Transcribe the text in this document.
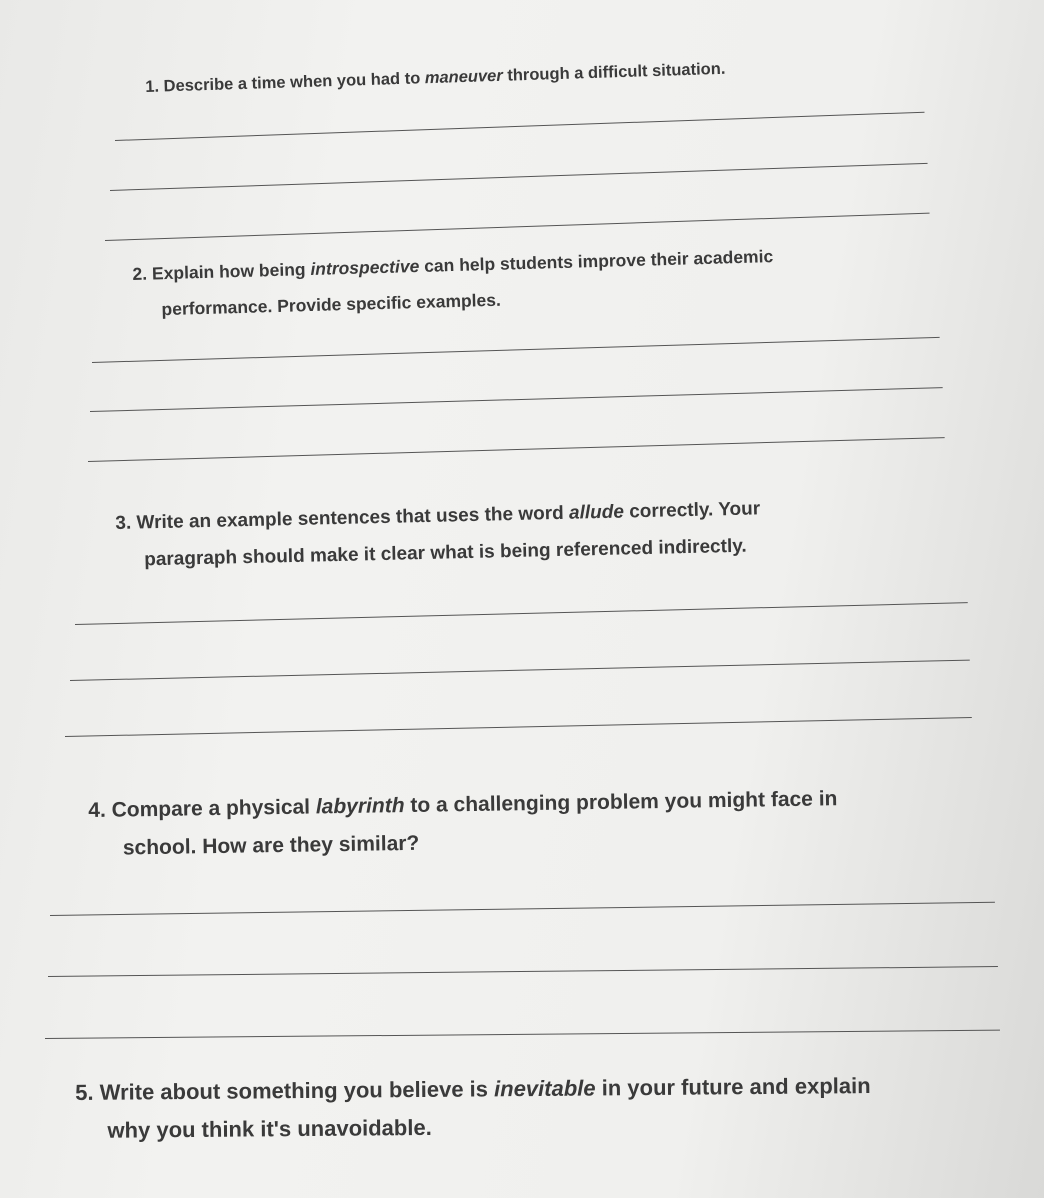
1. Describe a time when you had to maneuver through a difficult situation.
2. Explain how being introspective can help students improve their academic
performance. Provide specific examples.
3. Write an example sentences that uses the word allude correctly. Your
paragraph should make it clear what is being referenced indirectly.
4. Compare a physical labyrinth to a challenging problem you might face in
school. How are they similar?
5. Write about something you believe is inevitable in your future and explain
why you think it's unavoidable.
